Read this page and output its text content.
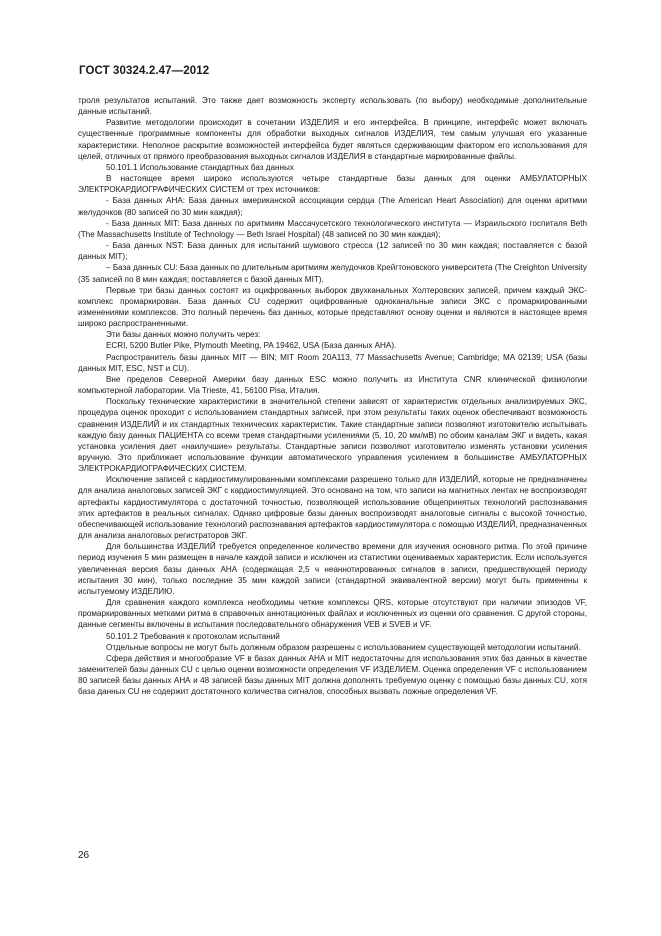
ГОСТ 30324.2.47—2012

троля результатов испытаний. Это также дает возможность эксперту использовать (по выбору) необходимые дополнительные данные испытаний.

Развитие методологии происходит в сочетании ИЗДЕЛИЯ и его интерфейса. В принципе, интерфейс может включать существенные программные компоненты для обработки выходных сигналов ИЗДЕЛИЯ, тем самым улучшая его указанные характеристики. Неполное раскрытие возможностей интерфейса будет являться сдерживающим фактором его использования для целей, отличных от прямого преобразования выходных сигналов ИЗДЕЛИЯ в стандартные маркированные файлы.

50.101.1 Использование стандартных баз данных

В настоящее время широко используются четыре стандартные базы данных для оценки АМБУЛАТОРНЫХ ЭЛЕКТРОКАРДИОГРАФИЧЕСКИХ СИСТЕМ от трех источников:

- База данных АНА: База данных американской ассоциации сердца (The American Heart Association) для оценки аритмии желудочков (80 записей по 30 мин каждая);

- База данных MIT: База данных по аритмиям Массачусетского технологического института — Израильского госпиталя Beth (The Massachusetts Institute of Technology — Beth Israel Hospital) (48 записей по 30 мин каждая);

- База данных NST: База данных для испытаний шумового стресса (12 записей по 30 мин каждая; поставляется с базой данных MIT);

– База данных CU: База данных по длительным аритмиям желудочков Крейгтоновского университета (The Creighton University (35 записей по 8 мин каждая; поставляется с базой данных MIT).

Первые три базы данных состоят из оцифрованных выборок двухканальных Холтеровских записей, причем каждый ЭКС-комплекс промаркирован. База данных CU содержит оцифрованные одноканальные записи ЭКС с промаркированными изменениями комплексов. Это полный перечень баз данных, которые представляют основу оценки и являются в настоящее время широко распространенными.

Эти базы данных можно получить через:

ECRI, 5200 Butler Pike, Plymouth Meeting, PA 19462, USA (База данных АНА).

Распространитель базы данных MIT — BIN; MIT Room 20A113, 77 Massachusetts Avenue; Cambridge; MA 02139; USA (базы данных MIT, ESC, NST и CU).

Вне пределов Северной Америки базу данных ESC можно получить из Института CNR клинической физиологии компьютерной лаборатории. Via Trieste, 41, 56100 Pisa, Италия.

Поскольку технические характеристики в значительной степени зависят от характеристик отдельных анализируемых ЭКС, процедура оценок проходит с использованием стандартных записей, при этом результаты таких оценок обеспечивают возможность сравнения ИЗДЕЛИЙ и их стандартных технических характеристик. Такие стандартные записи позволяют изготовителю испытывать каждую базу данных ПАЦИЕНТА со всеми тремя стандартными усилениями (5, 10, 20 мм/мВ) по обоим каналам ЭКГ и видеть, какая установка усиления дает «наилучшие» результаты. Стандартные записи позволяют изготовителю изменять установки усиления вручную. Это приближает использование функции автоматического управления усилением в большинстве АМБУЛАТОРНЫХ ЭЛЕКТРОКАРДИОГРАФИЧЕСКИХ СИСТЕМ.

Исключение записей с кардиостимулированными комплексами разрешено только для ИЗДЕЛИЙ, которые не предназначены для анализа аналоговых записей ЭКГ с кардиостимуляцией. Это основано на том, что записи на магнитных лентах не воспроизводят артефакты кардиостимулятора с достаточной точностью, позволяющей использование общепринятых технологий распознавания этих артефактов в реальных сигналах. Однако цифровые базы данных воспроизводят аналоговые сигналы с высокой точностью, обеспечивающей использование технологий распознавания артефактов кардиостимулятора с помощью ИЗДЕЛИЙ, предназначенных для анализа аналоговых регистраторов ЭКГ.

Для большинства ИЗДЕЛИЙ требуется определенное количество времени для изучения основного ритма. По этой причине период изучения 5 мин размещен в начале каждой записи и исключен из статистики оцениваемых характеристик. Если используется увеличенная версия базы данных АНА (содержащая 2,5 ч неаннотированных сигналов в записи, предшествующей периоду испытания 30 мин), только последние 35 мин каждой записи (стандартной эквивалентной версии) могут быть применены к испытуемому ИЗДЕЛИЮ.

Для сравнения каждого комплекса необходимы четкие комплексы QRS, которые отсутствуют при наличии эпизодов VF, промаркированных метками ритма в справочных аннотационных файлах и исключенных из оценки ого сравнения. С другой стороны, данные сегменты включены в испытания последовательного обнаружения VEB и SVEB и VF.

50.101.2 Требования к протоколам испытаний

Отдельные вопросы не могут быть должным образом разрешены с использованием существующей методологии испытаний.

Сфера действия и многообразие VF в базах данных АНА и MIT недостаточны для использования этих баз данных в качестве заменителей базы данных CU с целью оценки возможности определения VF ИЗДЕЛИЕМ. Оценка определения VF с использованием 80 записей базы данных АНА и 48 записей базы данных MIT должна дополнять требуемую оценку с помощью базы данных CU, хотя база данных CU не содержит достаточного количества сигналов, способных вызвать ложные определения VF.

26
